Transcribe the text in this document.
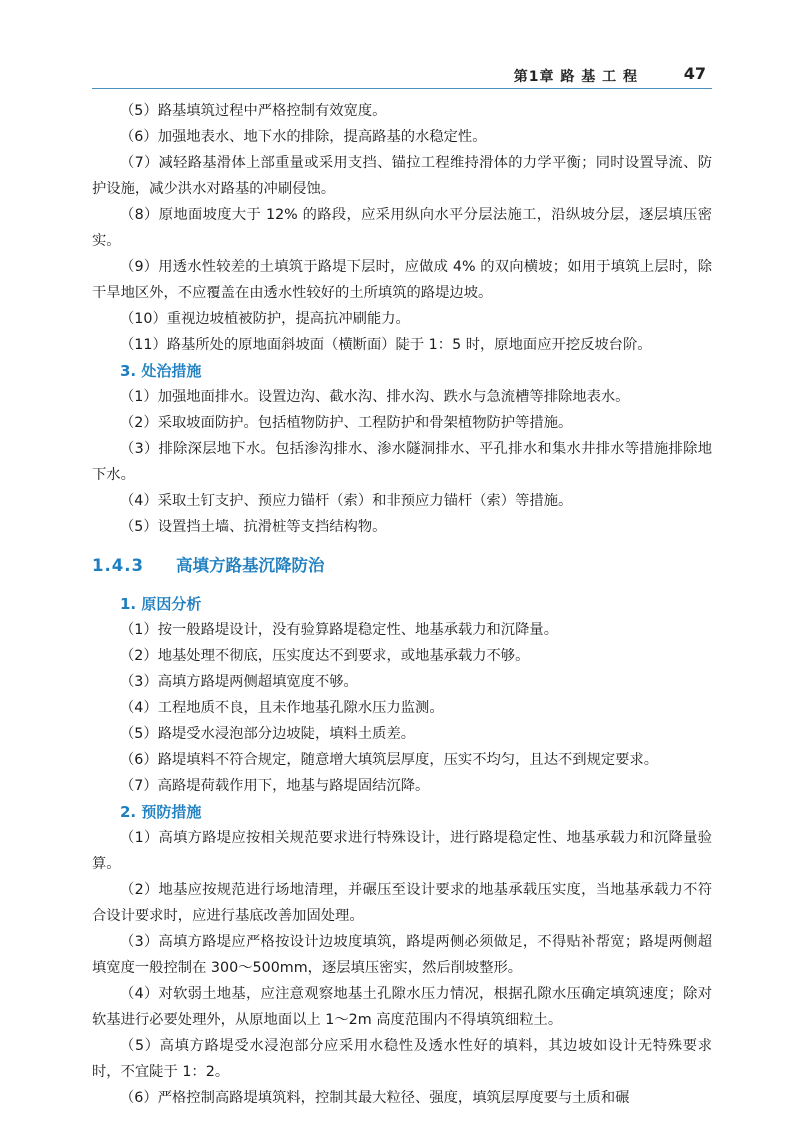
第1章 路 基 工 程	47

（5）路基填筑过程中严格控制有效宽度。

（6）加强地表水、地下水的排除，提高路基的水稳定性。

（7）减轻路基滑体上部重量或采用支挡、锚拉工程维持滑体的力学平衡；同时设置导流、防护设施，减少洪水对路基的冲刷侵蚀。

（8）原地面坡度大于 12% 的路段，应采用纵向水平分层法施工，沿纵坡分层，逐层填压密实。

（9）用透水性较差的土填筑于路堤下层时，应做成 4% 的双向横坡；如用于填筑上层时，除干旱地区外，不应覆盖在由透水性较好的土所填筑的路堤边坡。

（10）重视边坡植被防护，提高抗冲刷能力。

（11）路基所处的原地面斜坡面（横断面）陡于 1：5 时，原地面应开挖反坡台阶。

3. 处治措施

（1）加强地面排水。设置边沟、截水沟、排水沟、跌水与急流槽等排除地表水。

（2）采取坡面防护。包括植物防护、工程防护和骨架植物防护等措施。

（3）排除深层地下水。包括渗沟排水、渗水隧洞排水、平孔排水和集水井排水等措施排除地下水。

（4）采取土钉支护、预应力锚杆（索）和非预应力锚杆（索）等措施。

（5）设置挡土墙、抗滑桩等支挡结构物。

1.4.3 高填方路基沉降防治

1. 原因分析

（1）按一般路堤设计，没有验算路堤稳定性、地基承载力和沉降量。

（2）地基处理不彻底，压实度达不到要求，或地基承载力不够。

（3）高填方路堤两侧超填宽度不够。

（4）工程地质不良，且未作地基孔隙水压力监测。

（5）路堤受水浸泡部分边坡陡，填料土质差。

（6）路堤填料不符合规定，随意增大填筑层厚度，压实不均匀，且达不到规定要求。

（7）高路堤荷载作用下，地基与路堤固结沉降。

2. 预防措施

（1）高填方路堤应按相关规范要求进行特殊设计，进行路堤稳定性、地基承载力和沉降量验算。

（2）地基应按规范进行场地清理，并碾压至设计要求的地基承载压实度，当地基承载力不符合设计要求时，应进行基底改善加固处理。

（3）高填方路堤应严格按设计边坡度填筑，路堤两侧必须做足，不得贴补帮宽；路堤两侧超填宽度一般控制在 300～500mm，逐层填压密实，然后削坡整形。

（4）对软弱土地基，应注意观察地基土孔隙水压力情况，根据孔隙水压确定填筑速度；除对软基进行必要处理外，从原地面以上 1～2m 高度范围内不得填筑细粒土。

（5）高填方路堤受水浸泡部分应采用水稳性及透水性好的填料，其边坡如设计无特殊要求时，不宜陡于 1：2。

（6）严格控制高路堤填筑料，控制其最大粒径、强度，填筑层厚度要与土质和碾
